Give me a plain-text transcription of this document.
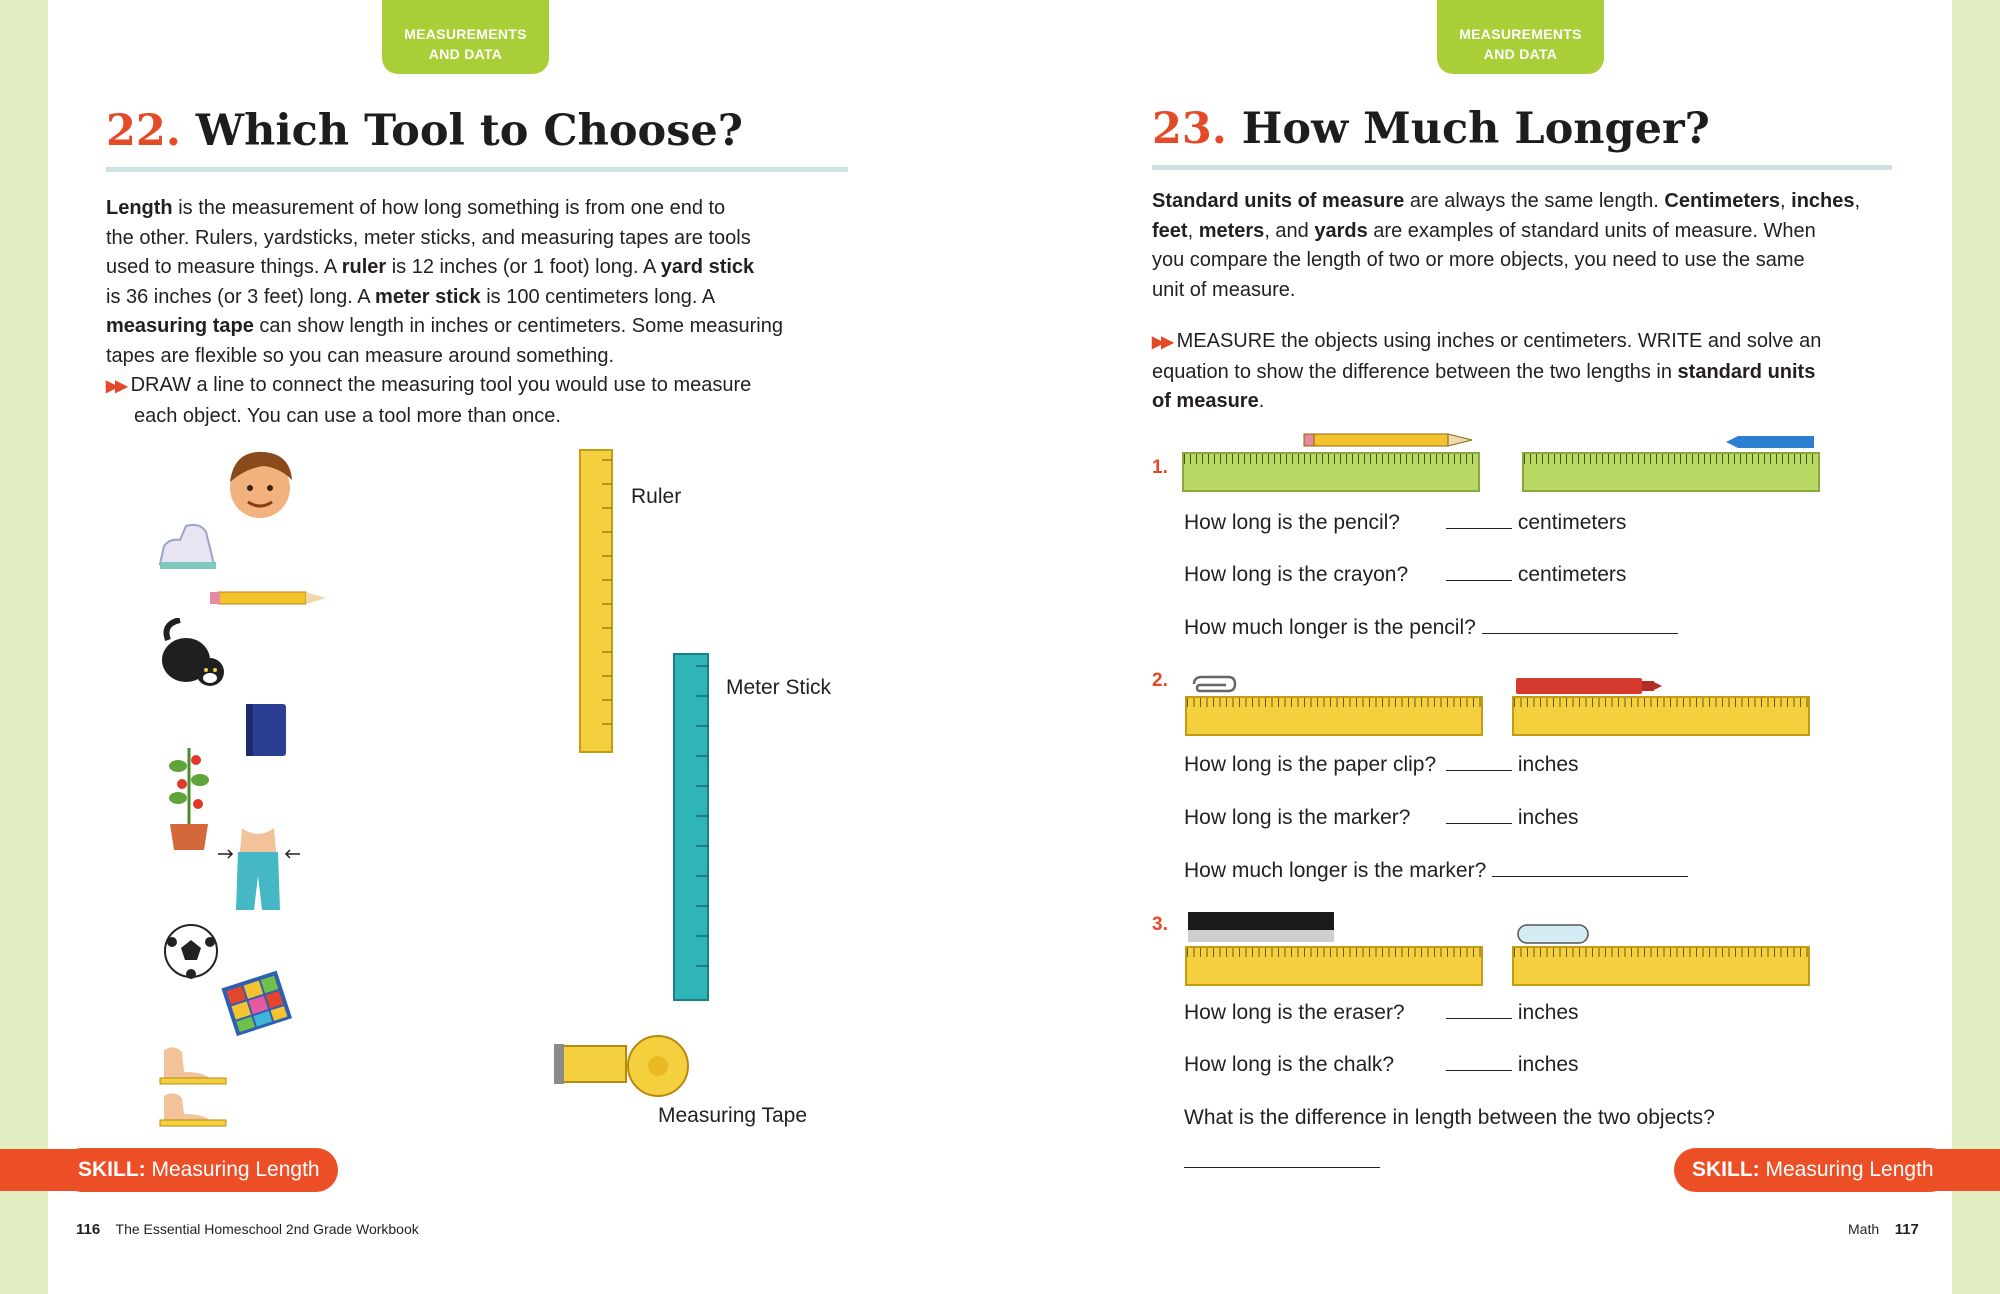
MEASUREMENTS
AND DATA
22. Which Tool to Choose?
Length is the measurement of how long something is from one end to
the other. Rulers, yardsticks, meter sticks, and measuring tapes are tools
used to measure things. A ruler is 12 inches (or 1 foot) long. A yard stick
is 36 inches (or 3 feet) long. A meter stick is 100 centimeters long. A
measuring tape can show length in inches or centimeters. Some measuring
tapes are flexible so you can measure around something.
▶▶ DRAW a line to connect the measuring tool you would use to measure
each object. You can use a tool more than once.
Ruler
Meter Stick
Measuring Tape
SKILL: Measuring Length
116 The Essential Homeschool 2nd Grade Workbook
MEASUREMENTS
AND DATA
23. How Much Longer?
Standard units of measure are always the same length. Centimeters, inches,
feet, meters, and yards are examples of standard units of measure. When
you compare the length of two or more objects, you need to use the same
unit of measure.
▶▶ MEASURE the objects using inches or centimeters. WRITE and solve an
equation to show the difference between the two lengths in standard units
of measure.
1.
How long is the pencil?	centimeters
How long is the crayon?	centimeters
How much longer is the pencil?
2.
How long is the paper clip?	inches
How long is the marker?	inches
How much longer is the marker?
3.
How long is the eraser?	inches
How long is the chalk?	inches
What is the difference in length between the two objects?
SKILL: Measuring Length
Math 117
